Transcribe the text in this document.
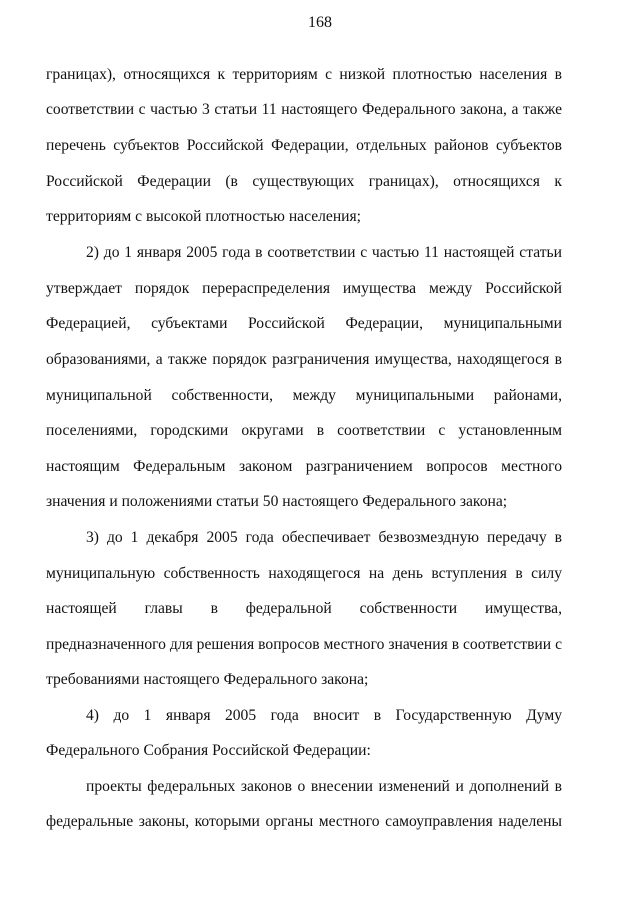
168
границах), относящихся к территориям с низкой плотностью населения в
соответствии с частью 3 статьи 11 настоящего Федерального закона, а также
перечень субъектов Российской Федерации, отдельных районов субъектов
Российской Федерации (в существующих границах), относящихся к
территориям с высокой плотностью населения;
2) до 1 января 2005 года в соответствии с частью 11 настоящей статьи
утверждает порядок перераспределения имущества между Российской
Федерацией, субъектами Российской Федерации, муниципальными
образованиями, а также порядок разграничения имущества, находящегося в
муниципальной собственности, между муниципальными районами,
поселениями, городскими округами в соответствии с установленным
настоящим Федеральным законом разграничением вопросов местного
значения и положениями статьи 50 настоящего Федерального закона;
3) до 1 декабря 2005 года обеспечивает безвозмездную передачу в
муниципальную собственность находящегося на день вступления в силу
настоящей главы в федеральной собственности имущества,
предназначенного для решения вопросов местного значения в соответствии с
требованиями настоящего Федерального закона;
4) до 1 января 2005 года вносит в Государственную Думу
Федерального Собрания Российской Федерации:
проекты федеральных законов о внесении изменений и дополнений в
федеральные законы, которыми органы местного самоуправления наделены
